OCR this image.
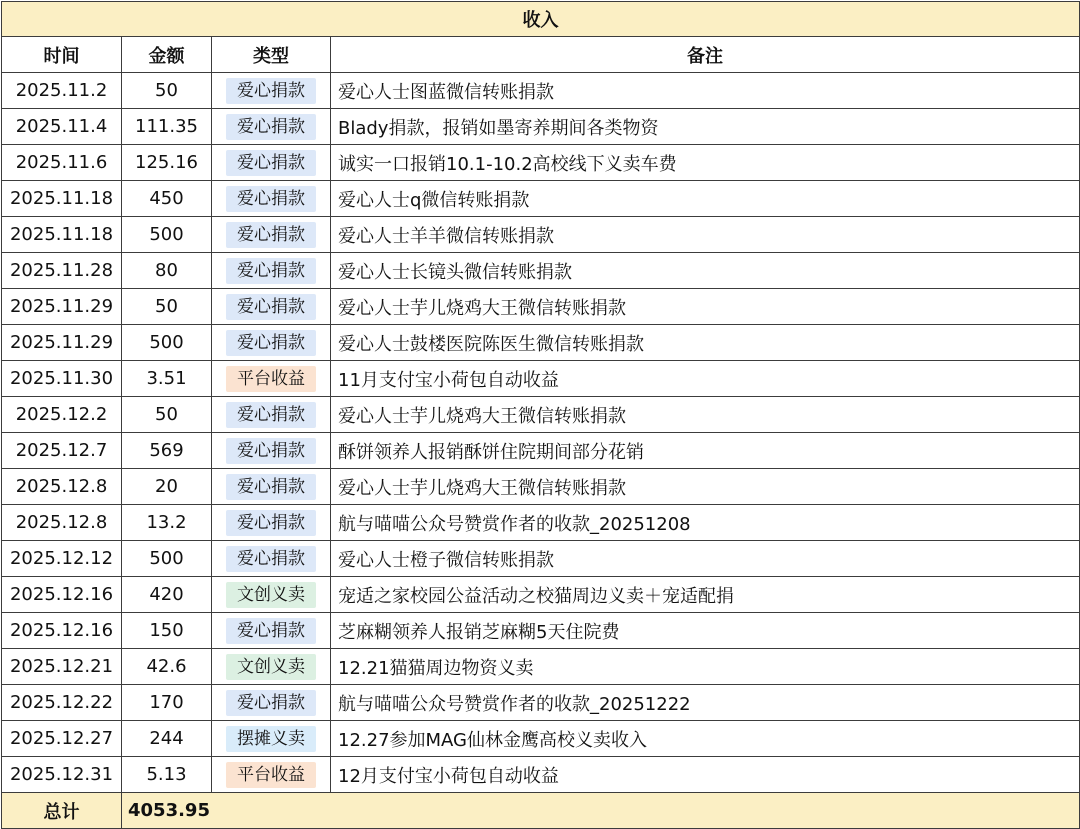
收入			
时间	金额	类型	备注
2025.11.2	50	爱心捐款	爱心人士图蓝微信转账捐款
2025.11.4	111.35	爱心捐款	Blady捐款，报销如墨寄养期间各类物资
2025.11.6	125.16	爱心捐款	诚实一口报销10.1-10.2高校线下义卖车费
2025.11.18	450	爱心捐款	爱心人士q微信转账捐款
2025.11.18	500	爱心捐款	爱心人士羊羊微信转账捐款
2025.11.28	80	爱心捐款	爱心人士长镜头微信转账捐款
2025.11.29	50	爱心捐款	爱心人士芋儿烧鸡大王微信转账捐款
2025.11.29	500	爱心捐款	爱心人士鼓楼医院陈医生微信转账捐款
2025.11.30	3.51	平台收益	11月支付宝小荷包自动收益
2025.12.2	50	爱心捐款	爱心人士芋儿烧鸡大王微信转账捐款
2025.12.7	569	爱心捐款	酥饼领养人报销酥饼住院期间部分花销
2025.12.8	20	爱心捐款	爱心人士芋儿烧鸡大王微信转账捐款
2025.12.8	13.2	爱心捐款	航与喵喵公众号赞赏作者的收款_20251208
2025.12.12	500	爱心捐款	爱心人士橙子微信转账捐款
2025.12.16	420	文创义卖	宠适之家校园公益活动之校猫周边义卖＋宠适配捐
2025.12.16	150	爱心捐款	芝麻糊领养人报销芝麻糊5天住院费
2025.12.21	42.6	文创义卖	12.21猫猫周边物资义卖
2025.12.22	170	爱心捐款	航与喵喵公众号赞赏作者的收款_20251222
2025.12.27	244	摆摊义卖	12.27参加MAG仙林金鹰高校义卖收入
2025.12.31	5.13	平台收益	12月支付宝小荷包自动收益
总计	4053.95		
